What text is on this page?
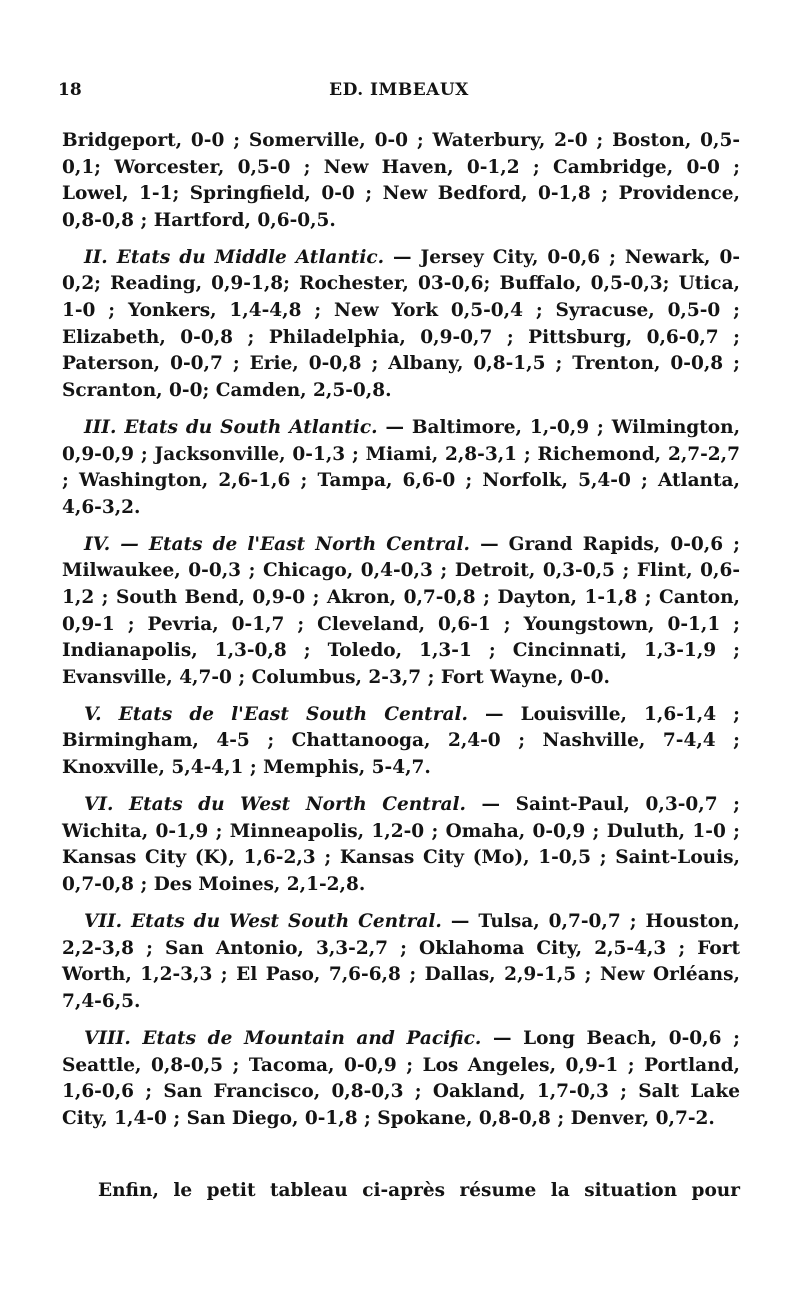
18	ED. IMBEAUX

Bridgeport, 0-0 ; Somerville, 0-0 ; Waterbury, 2-0 ; Boston, 0,5-0,1; Worcester, 0,5-0 ; New Haven, 0-1,2 ; Cambridge, 0-0 ; Lowel, 1-1; Springfield, 0-0 ; New Bedford, 0-1,8 ; Providence, 0,8-0,8 ; Hartford, 0,6-0,5.

II. Etats du Middle Atlantic. — Jersey City, 0-0,6 ; Newark, 0-0,2; Reading, 0,9-1,8; Rochester, 03-0,6; Buffalo, 0,5-0,3; Utica, 1-0 ; Yonkers, 1,4-4,8 ; New York 0,5-0,4 ; Syracuse, 0,5-0 ; Elizabeth, 0-0,8 ; Philadelphia, 0,9-0,7 ; Pittsburg, 0,6-0,7 ; Paterson, 0-0,7 ; Erie, 0-0,8 ; Albany, 0,8-1,5 ; Trenton, 0-0,8 ; Scranton, 0-0; Camden, 2,5-0,8.

III. Etats du South Atlantic. — Baltimore, 1,-0,9 ; Wilmington, 0,9-0,9 ; Jacksonville, 0-1,3 ; Miami, 2,8-3,1 ; Richemond, 2,7-2,7 ; Washington, 2,6-1,6 ; Tampa, 6,6-0 ; Norfolk, 5,4-0 ; Atlanta, 4,6-3,2.

IV. — Etats de l'East North Central. — Grand Rapids, 0-0,6 ; Milwaukee, 0-0,3 ; Chicago, 0,4-0,3 ; Detroit, 0,3-0,5 ; Flint, 0,6-1,2 ; South Bend, 0,9-0 ; Akron, 0,7-0,8 ; Dayton, 1-1,8 ; Canton, 0,9-1 ; Pevria, 0-1,7 ; Cleveland, 0,6-1 ; Youngstown, 0-1,1 ; Indianapolis, 1,3-0,8 ; Toledo, 1,3-1 ; Cincinnati, 1,3-1,9 ; Evansville, 4,7-0 ; Columbus, 2-3,7 ; Fort Wayne, 0-0.

V. Etats de l'East South Central. — Louisville, 1,6-1,4 ; Birmingham, 4-5 ; Chattanooga, 2,4-0 ; Nashville, 7-4,4 ; Knoxville, 5,4-4,1 ; Memphis, 5-4,7.

VI. Etats du West North Central. — Saint-Paul, 0,3-0,7 ; Wichita, 0-1,9 ; Minneapolis, 1,2-0 ; Omaha, 0-0,9 ; Duluth, 1-0 ; Kansas City (K), 1,6-2,3 ; Kansas City (Mo), 1-0,5 ; Saint-Louis, 0,7-0,8 ; Des Moines, 2,1-2,8.

VII. Etats du West South Central. — Tulsa, 0,7-0,7 ; Houston, 2,2-3,8 ; San Antonio, 3,3-2,7 ; Oklahoma City, 2,5-4,3 ; Fort Worth, 1,2-3,3 ; El Paso, 7,6-6,8 ; Dallas, 2,9-1,5 ; New Orléans, 7,4-6,5.

VIII. Etats de Mountain and Pacific. — Long Beach, 0-0,6 ; Seattle, 0,8-0,5 ; Tacoma, 0-0,9 ; Los Angeles, 0,9-1 ; Portland, 1,6-0,6 ; San Francisco, 0,8-0,3 ; Oakland, 1,7-0,3 ; Salt Lake City, 1,4-0 ; San Diego, 0-1,8 ; Spokane, 0,8-0,8 ; Denver, 0,7-2.

Enfin, le petit tableau ci-après résume la situation pour
